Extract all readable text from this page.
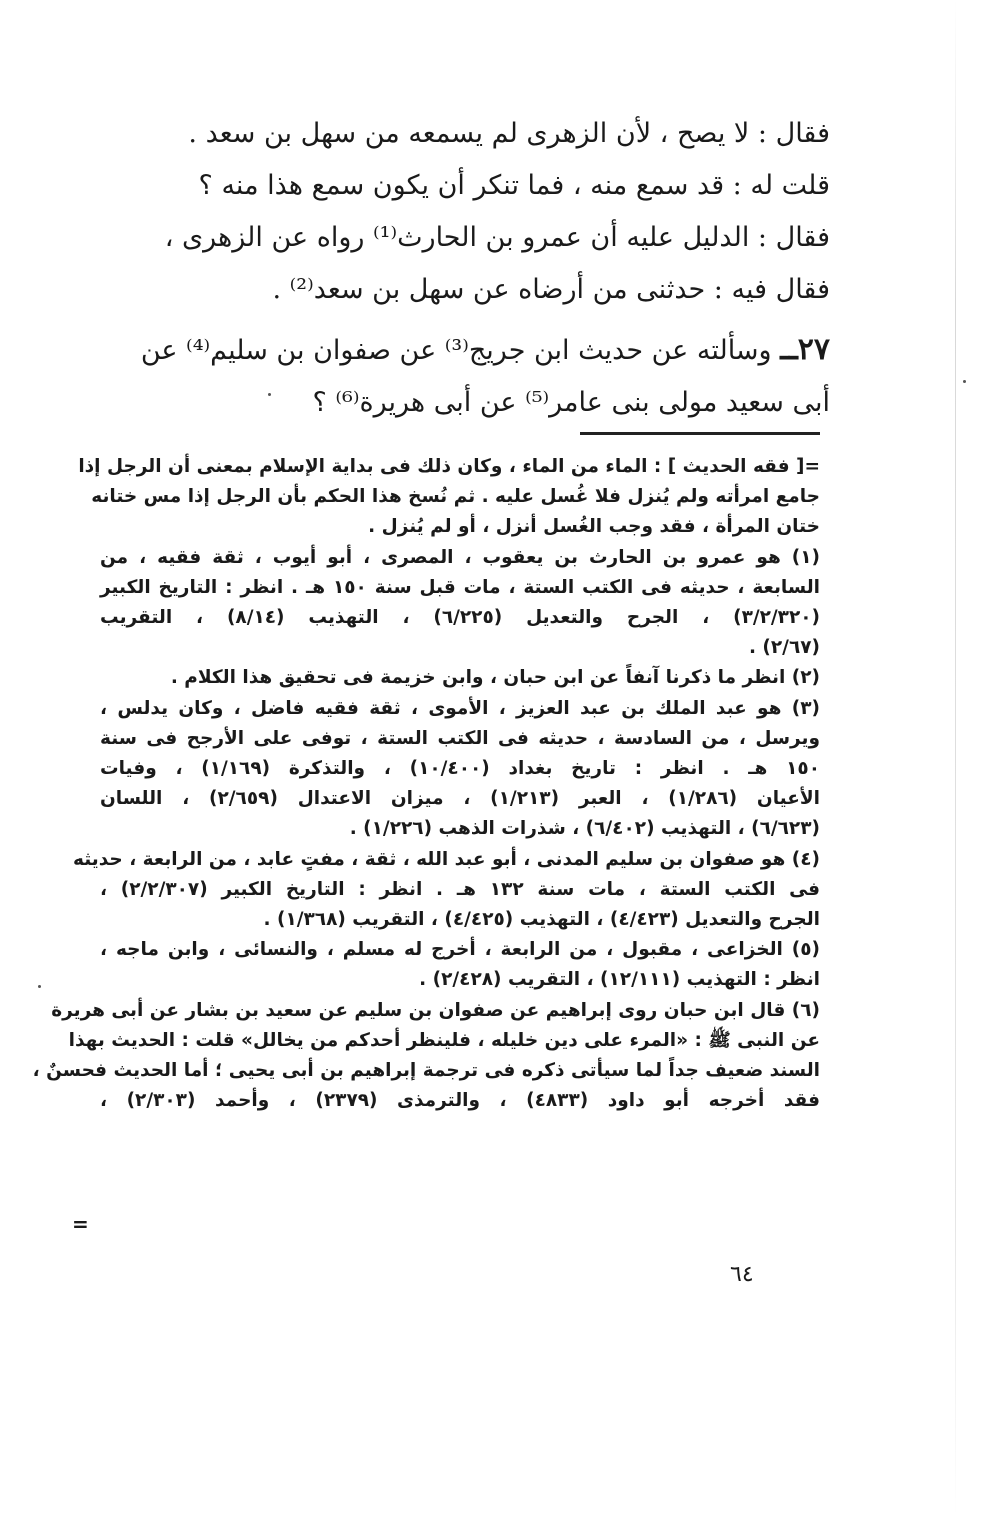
فقال : لا يصح ، لأن الزهرى لم يسمعه من سهل بن سعد .
قلت له : قد سمع منه ، فما تنكر أن يكون سمع هذا منه ؟
فقال : الدليل عليه أن عمرو بن الحارث⁽¹⁾ رواه عن الزهرى ،
فقال فيه : حدثنى من أرضاه عن سهل بن سعد⁽²⁾ .
٢٧ــ وسألته عن حديث ابن جريج⁽³⁾ عن صفوان بن سليم⁽⁴⁾ عن
أبى سعيد مولى بنى عامر⁽⁵⁾ عن أبى هريرة⁽⁶⁾ ؟
=[ فقه الحديث ] : الماء من الماء ، وكان ذلك فى بداية الإسلام بمعنى أن الرجل إذا
جامع امرأته ولم يُنزل فلا غُسل عليه . ثم نُسخ هذا الحكم بأن الرجل إذا مس ختانه
ختان المرأة ، فقد وجب الغُسل أنزل ، أو لم يُنزل .
(١) هو عمرو بن الحارث بن يعقوب ، المصرى ، أبو أيوب ، ثقة فقيه ، من
السابعة ، حديثه فى الكتب الستة ، مات قبل سنة ١٥٠ هـ . انظر : التاريخ الكبير
(٣/٢/٣٢٠) ، الجرح والتعديل (٦/٢٢٥) ، التهذيب (٨/١٤) ، التقريب
(٢/٦٧) .
(٢) انظر ما ذكرنا آنفاً عن ابن حبان ، وابن خزيمة فى تحقيق هذا الكلام .
(٣) هو عبد الملك بن عبد العزيز ، الأموى ، ثقة فقيه فاضل ، وكان يدلس ،
ويرسل ، من السادسة ، حديثه فى الكتب الستة ، توفى على الأرجح فى سنة
١٥٠ هـ . انظر : تاريخ بغداد (١٠/٤٠٠) ، والتذكرة (١/١٦٩) ، وفيات
الأعيان (١/٢٨٦) ، العبر (١/٢١٣) ، ميزان الاعتدال (٢/٦٥٩) ، اللسان
(٦/٦٢٣) ، التهذيب (٦/٤٠٢) ، شذرات الذهب (١/٢٢٦) .
(٤) هو صفوان بن سليم المدنى ، أبو عبد الله ، ثقة ، مفتٍ عابد ، من الرابعة ، حديثه
فى الكتب الستة ، مات سنة ١٣٢ هـ . انظر : التاريخ الكبير (٢/٢/٣٠٧) ،
الجرح والتعديل (٤/٤٢٣) ، التهذيب (٤/٤٢٥) ، التقريب (١/٣٦٨) .
(٥) الخزاعى ، مقبول ، من الرابعة ، أخرج له مسلم ، والنسائى ، وابن ماجه ،
انظر : التهذيب (١٢/١١١) ، التقريب (٢/٤٢٨) .
(٦) قال ابن حبان روى إبراهيم عن صفوان بن سليم عن سعيد بن بشار عن أبى هريرة
عن النبى ﷺ : «المرء على دين خليله ، فلينظر أحدكم من يخالل» قلت : الحديث بهذا
السند ضعيف جداً لما سيأتى ذكره فى ترجمة إبراهيم بن أبى يحيى ؛ أما الحديث فحسنٌ ،
فقد أخرجه أبو داود (٤٨٣٣) ، والترمذى (٢٣٧٩) ، وأحمد (٢/٣٠٣) ،
=
٦٤
